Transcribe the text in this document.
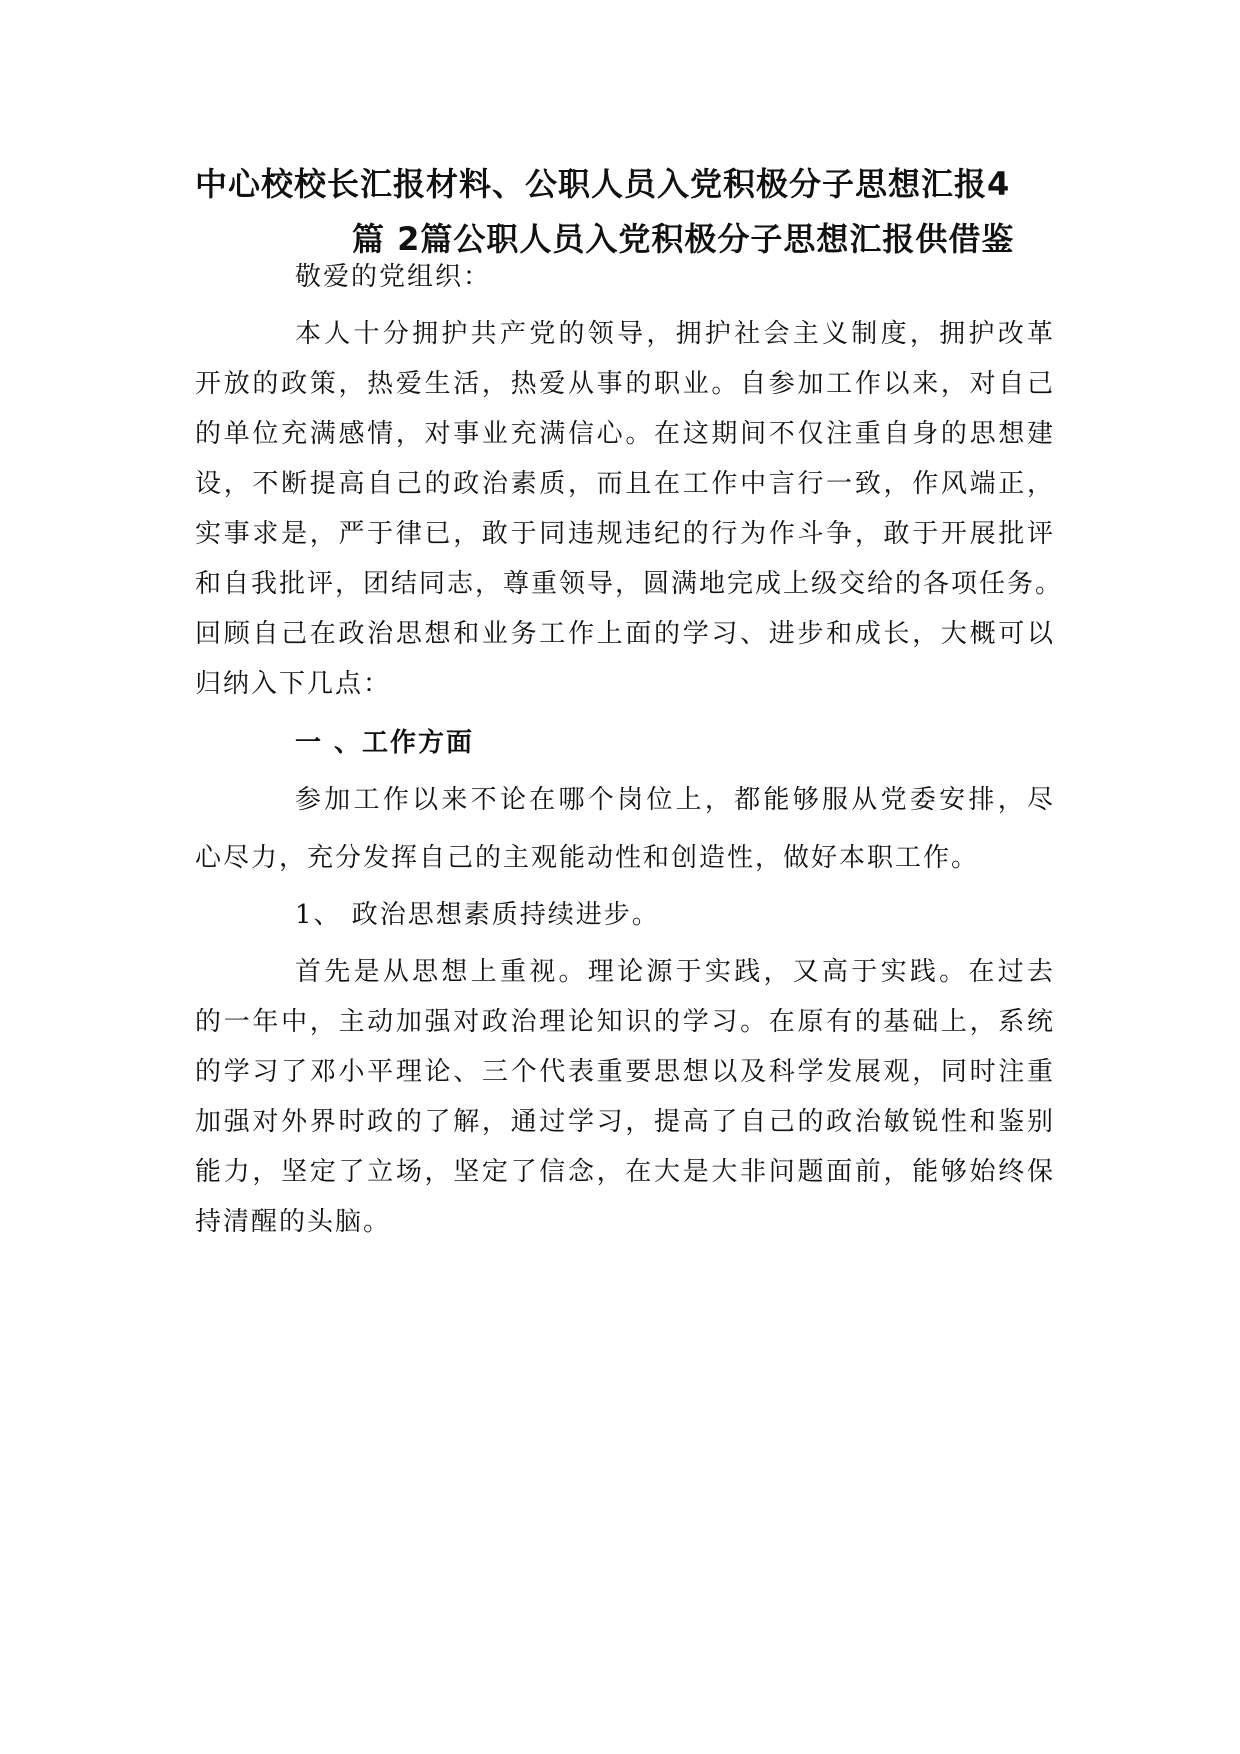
中心校校长汇报材料、公职人员入党积极分子思想汇报4
篇 2篇公职人员入党积极分子思想汇报供借鉴
敬爱的党组织：
本人十分拥护共产党的领导，拥护社会主义制度，拥护改革
开放的政策，热爱生活，热爱从事的职业。自参加工作以来，对自己
的单位充满感情，对事业充满信心。在这期间不仅注重自身的思想建
设，不断提高自己的政治素质，而且在工作中言行一致，作风端正，
实事求是，严于律已，敢于同违规违纪的行为作斗争，敢于开展批评
和自我批评，团结同志，尊重领导，圆满地完成上级交给的各项任务。
回顾自己在政治思想和业务工作上面的学习、进步和成长，大概可以
归纳入下几点：
一 、工作方面
参加工作以来不论在哪个岗位上，都能够服从党委安排，尽
心尽力，充分发挥自己的主观能动性和创造性，做好本职工作。
1、 政治思想素质持续进步。
首先是从思想上重视。理论源于实践，又高于实践。在过去
的一年中，主动加强对政治理论知识的学习。在原有的基础上，系统
的学习了邓小平理论、三个代表重要思想以及科学发展观，同时注重
加强对外界时政的了解，通过学习，提高了自己的政治敏锐性和鉴别
能力，坚定了立场，坚定了信念，在大是大非问题面前，能够始终保
持清醒的头脑。
